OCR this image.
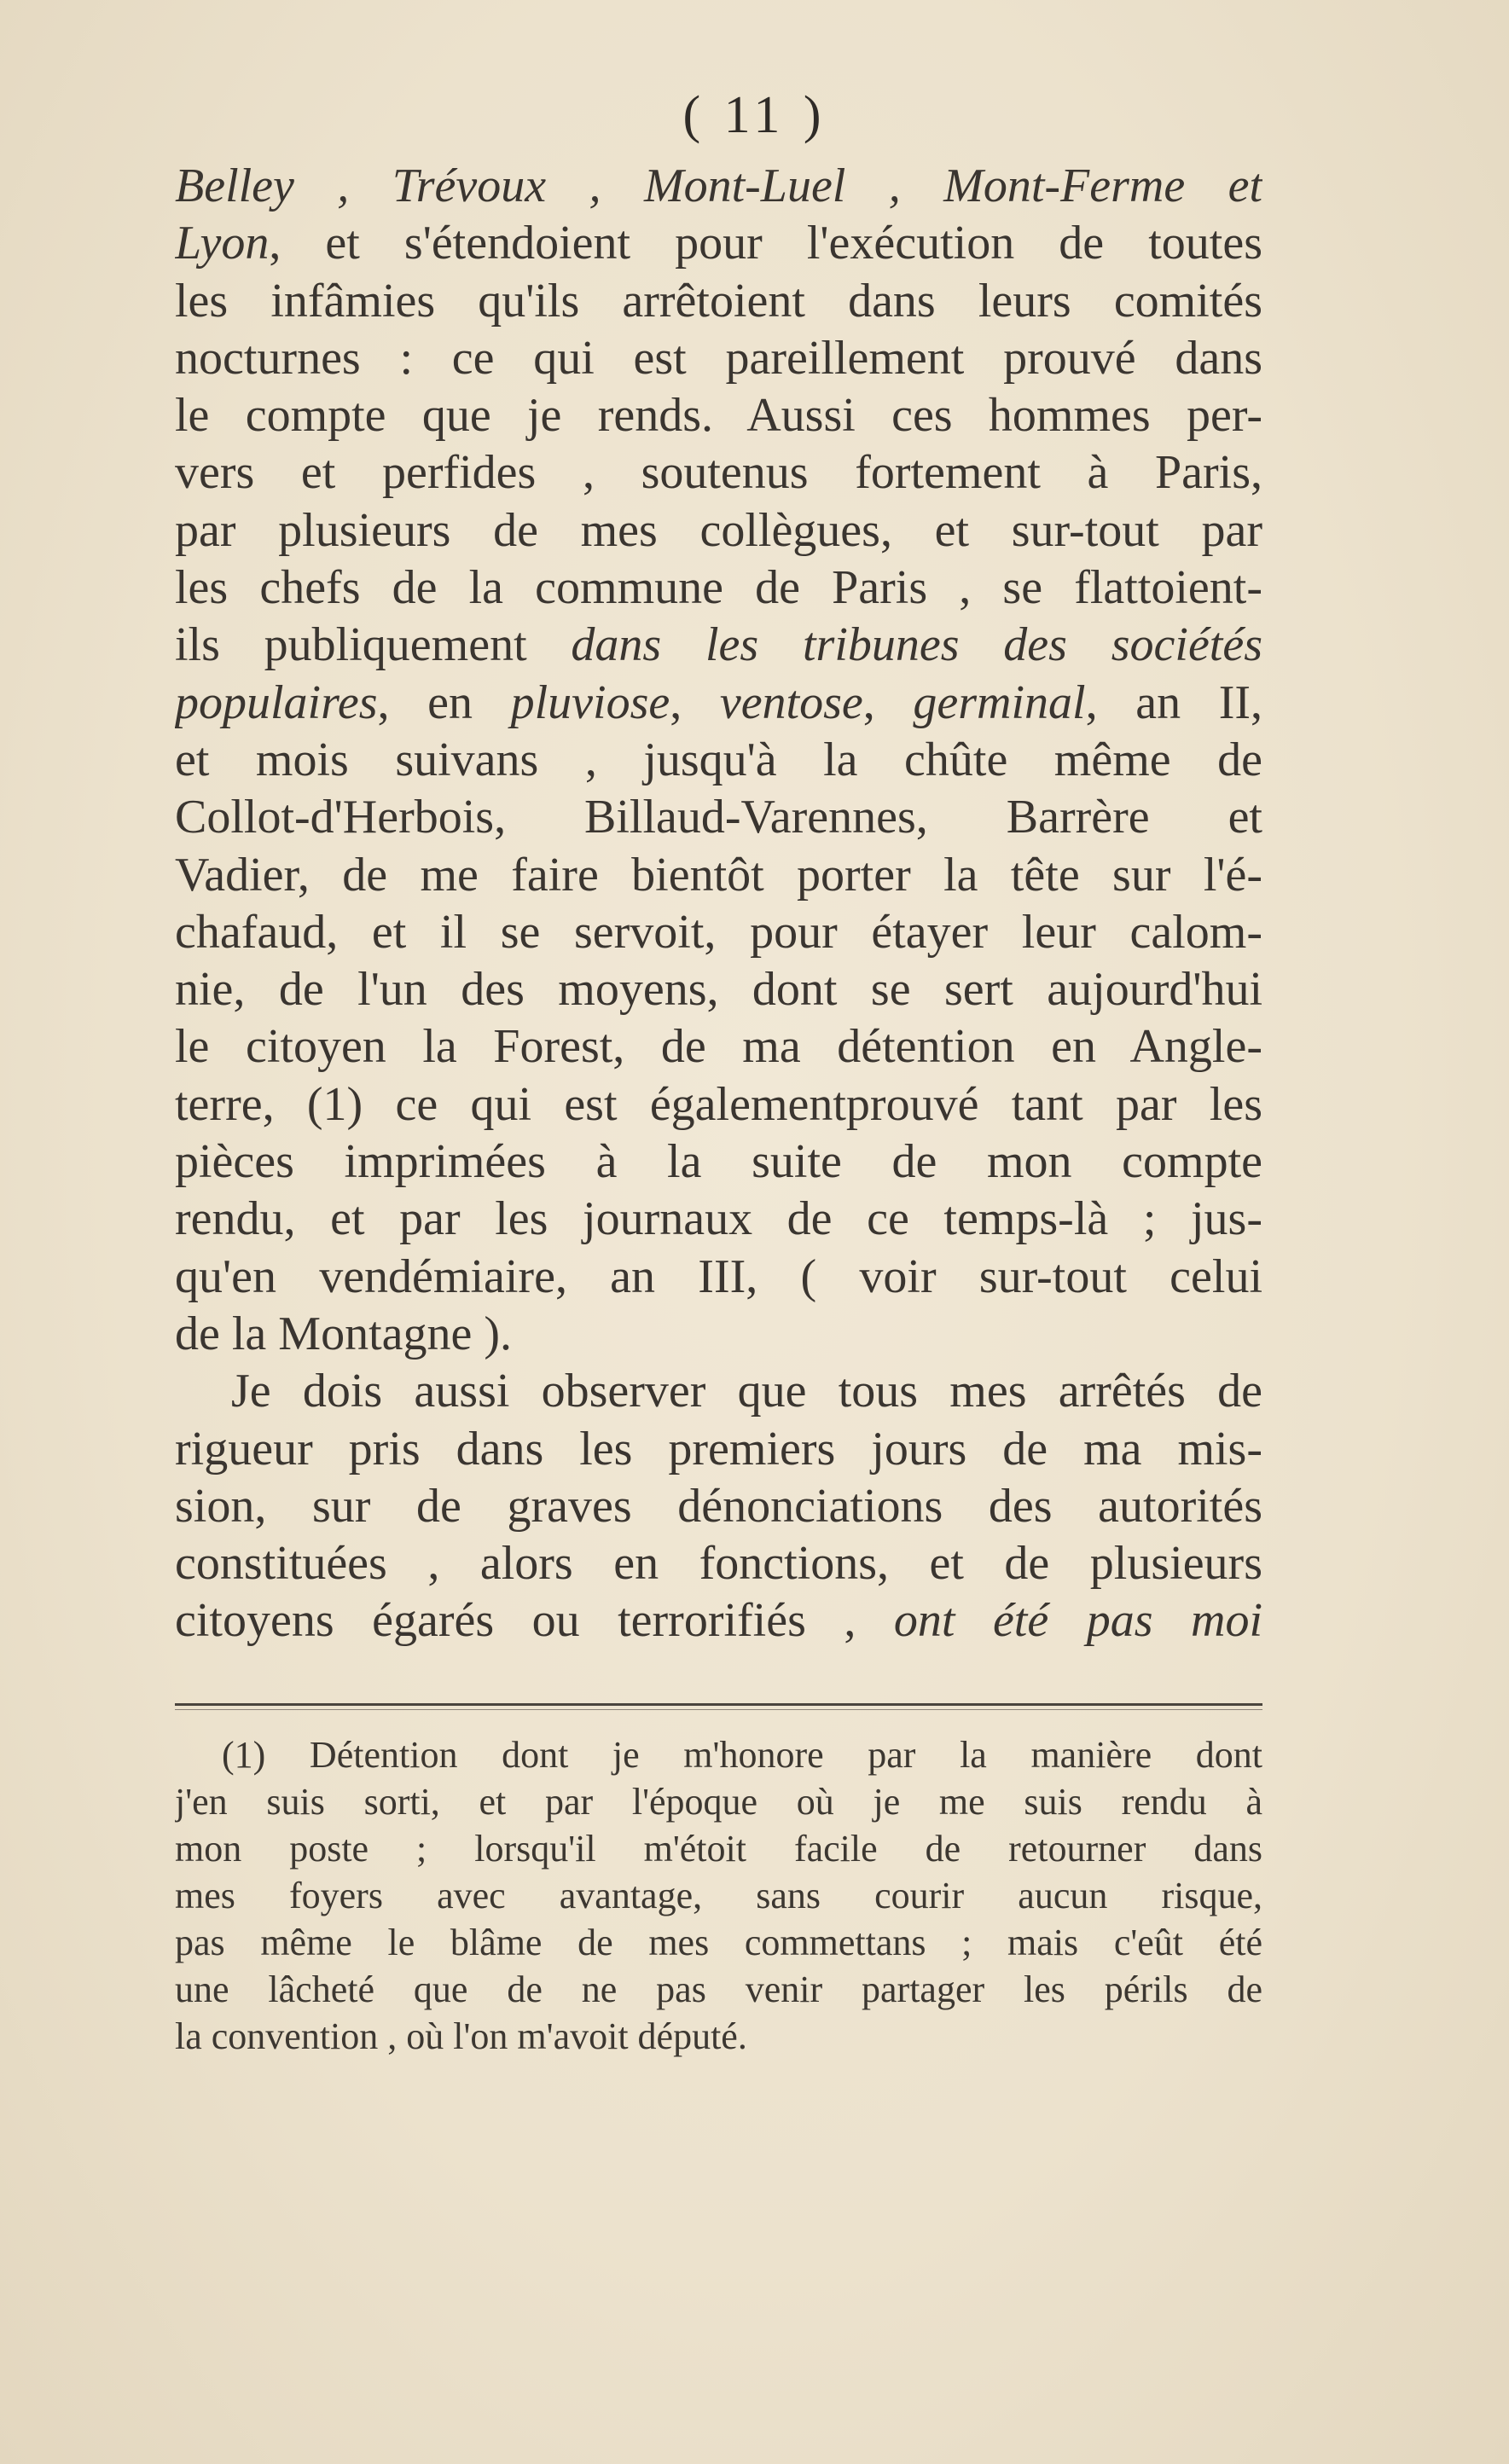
( 11 )
Belley , Trévoux , Mont-Luel , Mont-Ferme et
Lyon, et s'étendoient pour l'exécution de toutes
les infâmies qu'ils arrêtoient dans leurs comités
nocturnes : ce qui est pareillement prouvé dans
le compte que je rends. Aussi ces hommes per-
vers et perfides , soutenus fortement à Paris,
par plusieurs de mes collègues, et sur-tout par
les chefs de la commune de Paris , se flattoient-
ils publiquement dans les tribunes des sociétés
populaires, en pluviose, ventose, germinal, an II,
et mois suivans , jusqu'à la chûte même de
Collot-d'Herbois, Billaud-Varennes, Barrère et
Vadier, de me faire bientôt porter la tête sur l'é-
chafaud, et il se servoit, pour étayer leur calom-
nie, de l'un des moyens, dont se sert aujourd'hui
le citoyen la Forest, de ma détention en Angle-
terre, (1) ce qui est égalementprouvé tant par les
pièces imprimées à la suite de mon compte
rendu, et par les journaux de ce temps-là ; jus-
qu'en vendémiaire, an III, ( voir sur-tout celui
de la Montagne ).
Je dois aussi observer que tous mes arrêtés de
rigueur pris dans les premiers jours de ma mis-
sion, sur de graves dénonciations des autorités
constituées , alors en fonctions, et de plusieurs
citoyens égarés ou terrorifiés , ont été pas moi
(1) Détention dont je m'honore par la manière dont
j'en suis sorti, et par l'époque où je me suis rendu à
mon poste ; lorsqu'il m'étoit facile de retourner dans
mes foyers avec avantage, sans courir aucun risque,
pas même le blâme de mes commettans ; mais c'eût été
une lâcheté que de ne pas venir partager les périls de
la convention , où l'on m'avoit député.
